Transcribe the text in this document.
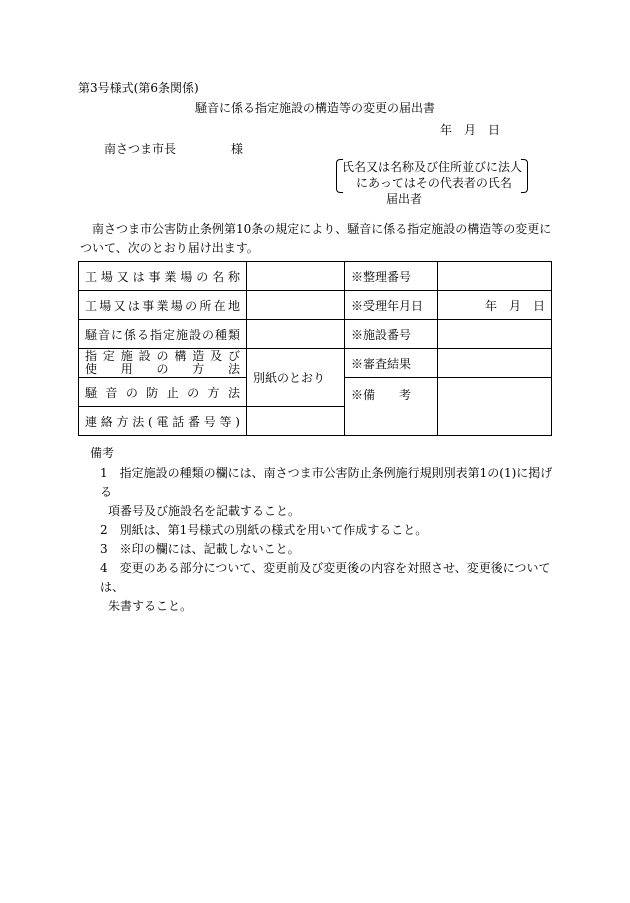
第3号様式(第6条関係)
騒音に係る指定施設の構造等の変更の届出書
年　月　日
南さつま市長	様
氏名又は名称及び住所並びに法人
にあってはその代表者の氏名
届出者
南さつま市公害防止条例第10条の規定により、騒音に係る指定施設の構造等の変更に
ついて、次のとおり届け出ます。
工場又は事業場の名称		※整理番号	
工場又は事業場の所在地		※受理年月日	年　月　日
騒音に係る指定施設の種類		※施設番号	

指定施設の構造及び
使用の方法	別紙のとおり	※審査結果	
騒音の防止の方法		※備　　考	
連絡方法(電話番号等)			
備考
1　指定施設の種類の欄には、南さつま市公害防止条例施行規則別表第1の(1)に掲げる
項番号及び施設名を記載すること。
2　別紙は、第1号様式の別紙の様式を用いて作成すること。
3　※印の欄には、記載しないこと。
4　変更のある部分について、変更前及び変更後の内容を対照させ、変更後については、
朱書すること。
